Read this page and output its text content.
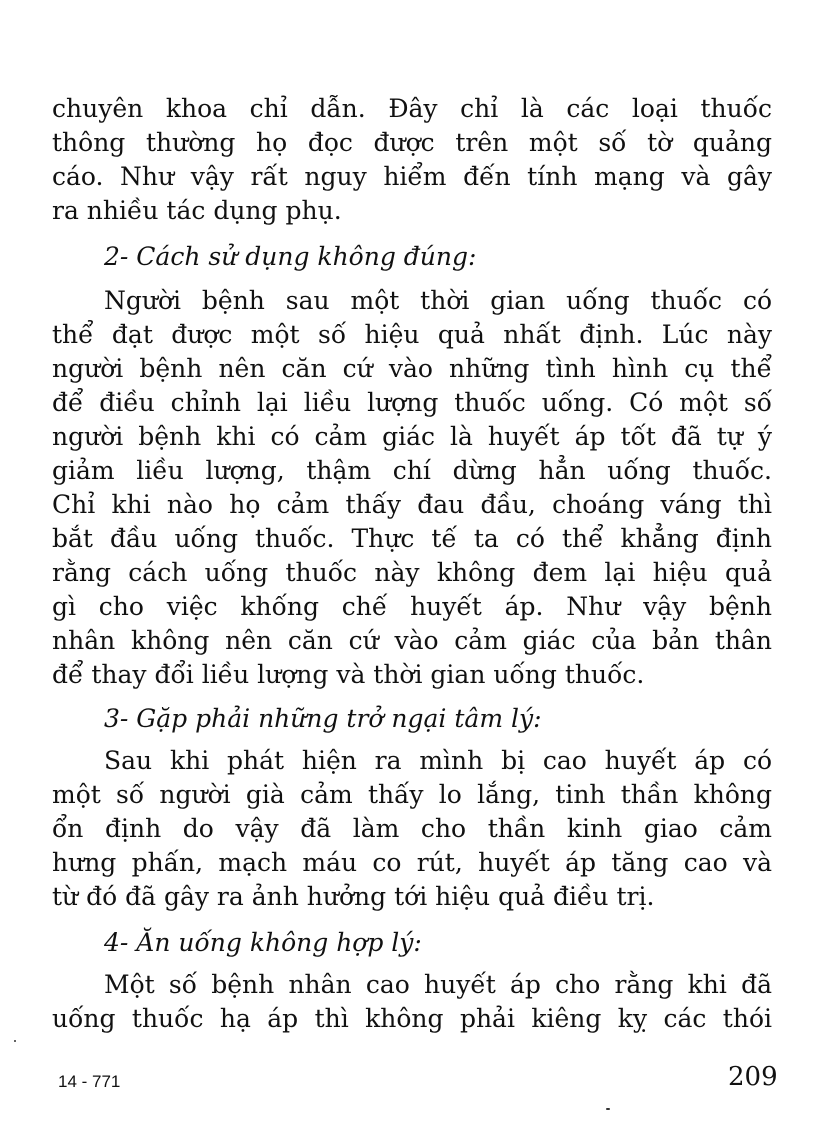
chuyên khoa chỉ dẫn. Đây chỉ là các loại thuốc
thông thường họ đọc được trên một số tờ quảng
cáo. Như vậy rất nguy hiểm đến tính mạng và gây
ra nhiều tác dụng phụ.
2- Cách sử dụng không đúng:
Người bệnh sau một thời gian uống thuốc có
thể đạt được một số hiệu quả nhất định. Lúc này
người bệnh nên căn cứ vào những tình hình cụ thể
để điều chỉnh lại liều lượng thuốc uống. Có một số
người bệnh khi có cảm giác là huyết áp tốt đã tự ý
giảm liều lượng, thậm chí dừng hẳn uống thuốc.
Chỉ khi nào họ cảm thấy đau đầu, choáng váng thì
bắt đầu uống thuốc. Thực tế ta có thể khẳng định
rằng cách uống thuốc này không đem lại hiệu quả
gì cho việc khống chế huyết áp. Như vậy bệnh
nhân không nên căn cứ vào cảm giác của bản thân
để thay đổi liều lượng và thời gian uống thuốc.
3- Gặp phải những trở ngại tâm lý:
Sau khi phát hiện ra mình bị cao huyết áp có
một số người già cảm thấy lo lắng, tinh thần không
ổn định do vậy đã làm cho thần kinh giao cảm
hưng phấn, mạch máu co rút, huyết áp tăng cao và
từ đó đã gây ra ảnh hưởng tới hiệu quả điều trị.
4- Ăn uống không hợp lý:
Một số bệnh nhân cao huyết áp cho rằng khi đã
uống thuốc hạ áp thì không phải kiêng kỵ các thói
14 - 771	209
